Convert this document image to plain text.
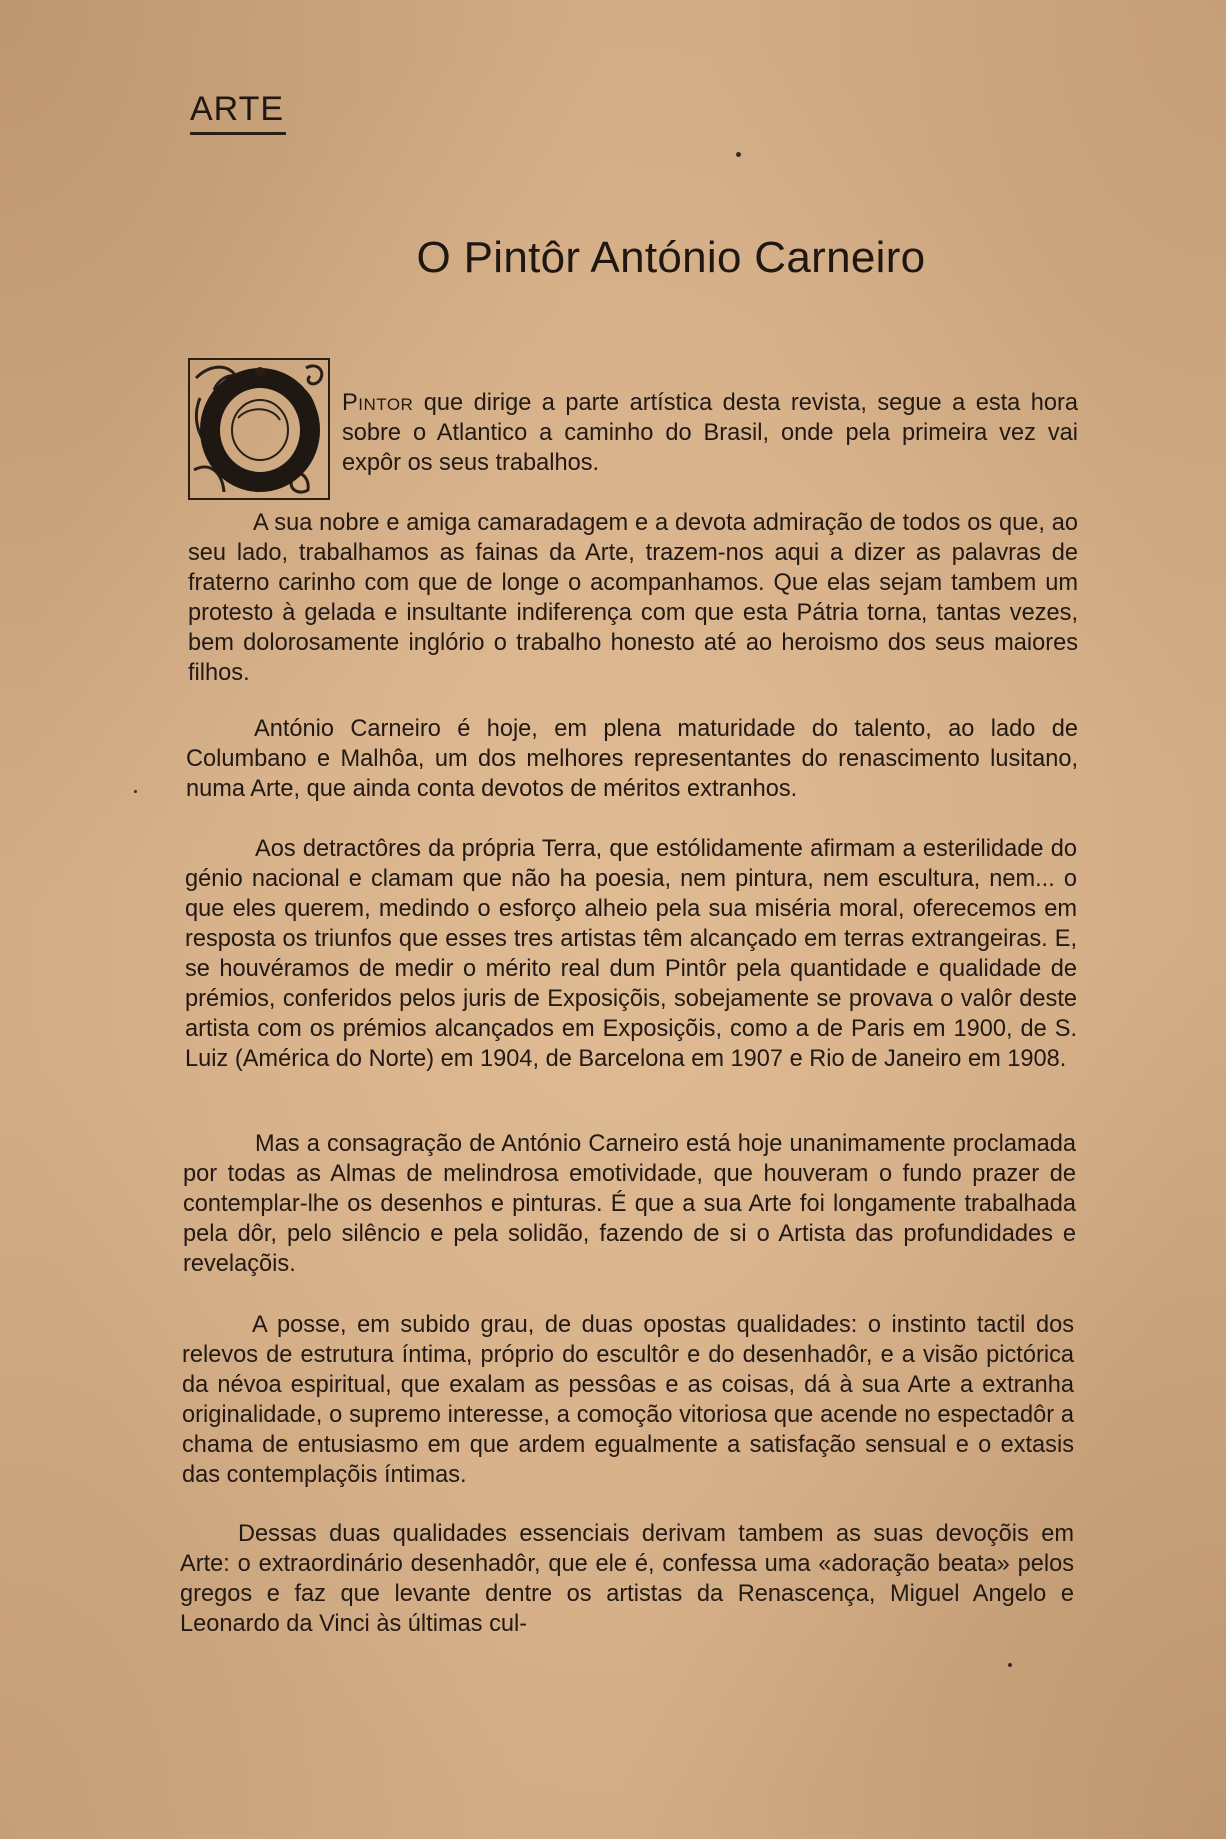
ARTE
O Pintôr António Carneiro

Pintor que dirige a parte artística desta revista, segue a esta hora sobre o Atlantico a caminho do Brasil, onde pela primeira vez vai expôr os seus trabalhos.

A sua nobre e amiga camaradagem e a devota admiração de todos os que, ao seu lado, trabalhamos as fainas da Arte, trazem-nos aqui a dizer as palavras de fraterno carinho com que de longe o acompanhamos. Que elas sejam tambem um protesto à gelada e insultante indiferença com que esta Pátria torna, tantas vezes, bem dolorosamente inglório o trabalho honesto até ao heroismo dos seus maiores filhos.

António Carneiro é hoje, em plena maturidade do talento, ao lado de Columbano e Malhôa, um dos melhores representantes do renascimento lusitano, numa Arte, que ainda conta devotos de méritos extranhos.

Aos detractôres da própria Terra, que estólidamente afirmam a esterilidade do génio nacional e clamam que não ha poesia, nem pintura, nem escultura, nem... o que eles querem, medindo o esforço alheio pela sua miséria moral, oferecemos em resposta os triunfos que esses tres artistas têm alcançado em terras extrangeiras. E, se houvéramos de medir o mérito real dum Pintôr pela quantidade e qualidade de prémios, conferidos pelos juris de Exposiçõis, sobejamente se provava o valôr deste artista com os prémios alcançados em Exposiçõis, como a de Paris em 1900, de S. Luiz (América do Norte) em 1904, de Barcelona em 1907 e Rio de Janeiro em 1908.

Mas a consagração de António Carneiro está hoje unanimamente proclamada por todas as Almas de melindrosa emotividade, que houveram o fundo prazer de contemplar-lhe os desenhos e pinturas. É que a sua Arte foi longamente trabalhada pela dôr, pelo silêncio e pela solidão, fazendo de si o Artista das profundidades e revelaçõis.

A posse, em subido grau, de duas opostas qualidades: o instinto tactil dos relevos de estrutura íntima, próprio do escultôr e do desenhadôr, e a visão pictórica da névoa espiritual, que exalam as pessôas e as coisas, dá à sua Arte a extranha originalidade, o supremo interesse, a comoção vitoriosa que acende no espectadôr a chama de entusiasmo em que ardem egualmente a satisfação sensual e o extasis das contemplaçõis íntimas.

Dessas duas qualidades essenciais derivam tambem as suas devoçõis em Arte: o extraordinário desenhadôr, que ele é, confessa uma «adoração beata» pelos gregos e faz que levante dentre os artistas da Renascença, Miguel Angelo e Leonardo da Vinci às últimas cul-
